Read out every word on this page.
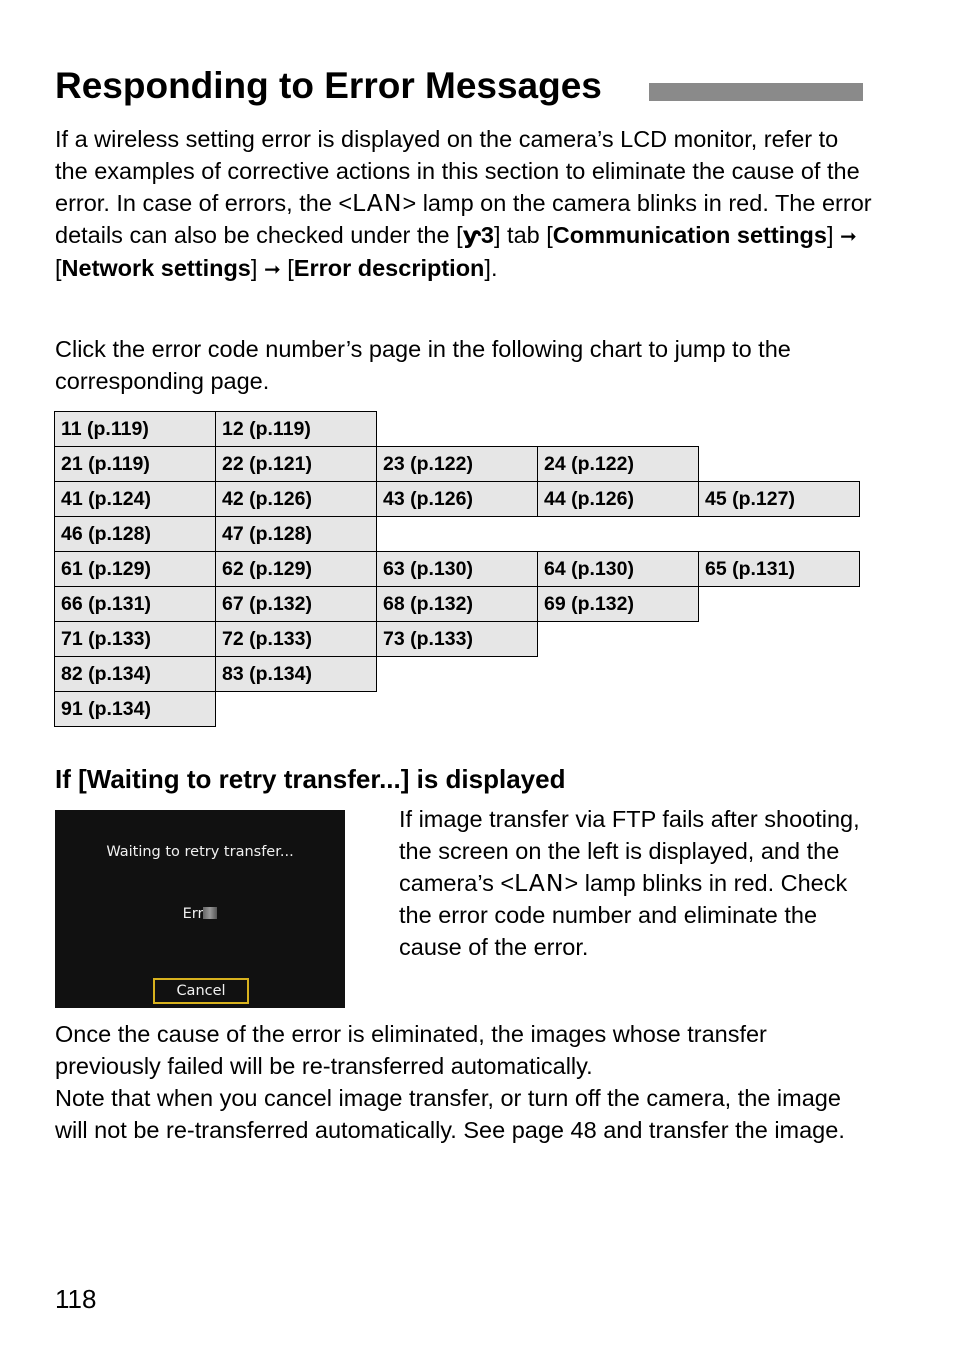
Responding to Error Messages

If a wireless setting error is displayed on the camera’s LCD monitor, refer to the examples of corrective actions in this section to eliminate the cause of the error. In case of errors, the <LAN> lamp on the camera blinks in red. The error details can also be checked under the [ƴ3] tab [Communication settings] ➞ [Network settings] ➞ [Error description].

Click the error code number’s page in the following chart to jump to the corresponding page.

11 (p.119)	12 (p.119)			
21 (p.119)	22 (p.121)	23 (p.122)	24 (p.122)	
41 (p.124)	42 (p.126)	43 (p.126)	44 (p.126)	45 (p.127)
46 (p.128)	47 (p.128)			
61 (p.129)	62 (p.129)	63 (p.130)	64 (p.130)	65 (p.131)
66 (p.131)	67 (p.132)	68 (p.132)	69 (p.132)	
71 (p.133)	72 (p.133)	73 (p.133)		
82 (p.134)	83 (p.134)			
91 (p.134)				
If [Waiting to retry transfer...] is displayed
Waiting to retry transfer...
Err
Cancel

If image transfer via FTP fails after shooting, the screen on the left is displayed, and the camera’s <LAN> lamp blinks in red. Check the error code number and eliminate the cause of the error.

Once the cause of the error is eliminated, the images whose transfer previously failed will be re-transferred automatically.

Note that when you cancel image transfer, or turn off the camera, the image will not be re-transferred automatically. See page 48 and transfer the image.

118
